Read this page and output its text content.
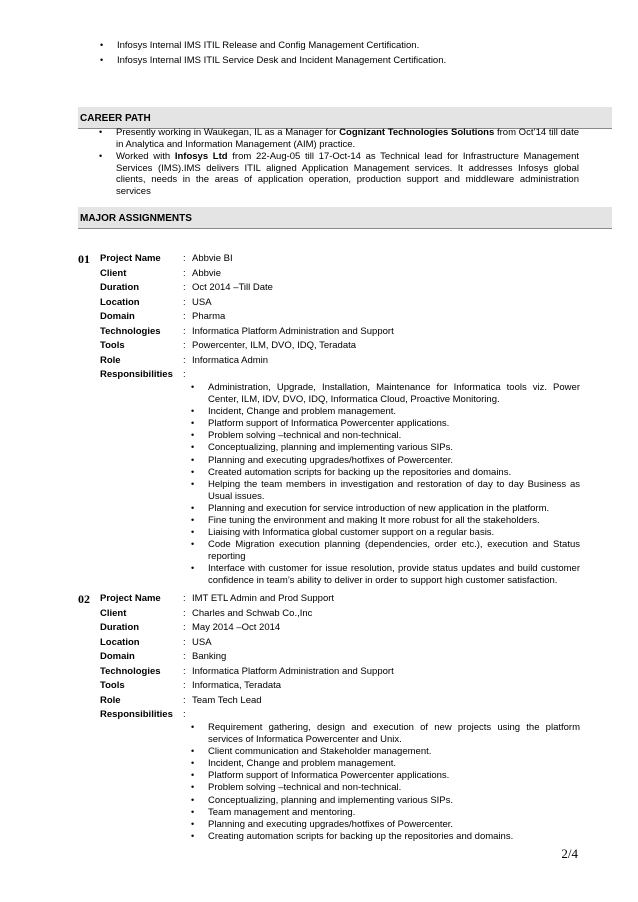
• Infosys Internal IMS ITIL Release and Config Management Certification.
• Infosys Internal IMS ITIL Service Desk and Incident Management Certification.
CAREER PATH
• Presently working in Waukegan, IL as a Manager for Cognizant Technologies Solutions from Oct’14 till date in Analytica and Information Management (AIM) practice.
• Worked with Infosys Ltd from 22-Aug-05 till 17-Oct-14 as Technical lead for Infrastructure Management Services (IMS).IMS delivers ITIL aligned Application Management services. It addresses Infosys global clients, needs in the areas of application operation, production support and middleware administration services
MAJOR ASSIGNMENTS
01 Project Name : Abbvie BI
Client	: Abbvie
Duration	: Oct 2014 –Till Date
Location	: USA
Domain	: Pharma
Technologies : Informatica Platform Administration and Support
Tools	: Powercenter, ILM, DVO, IDQ, Teradata
Role	: Informatica Admin
Responsibilities :
• Administration, Upgrade, Installation, Maintenance for Informatica tools viz. Power Center, ILM, IDV, DVO, IDQ, Informatica Cloud, Proactive Monitoring.
• Incident, Change and problem management.
• Platform support of Informatica Powercenter applications.
• Problem solving –technical and non-technical.
• Conceptualizing, planning and implementing various SIPs.
• Planning and executing upgrades/hotfixes of Powercenter.
• Created automation scripts for backing up the repositories and domains.
• Helping the team members in investigation and restoration of day to day Business as Usual issues.
• Planning and execution for service introduction of new application in the platform.
• Fine tuning the environment and making It more robust for all the stakeholders.
• Liaising with Informatica global customer support on a regular basis.
• Code Migration execution planning (dependencies, order etc.), execution and Status reporting
• Interface with customer for issue resolution, provide status updates and build customer confidence in team’s ability to deliver in order to support high customer satisfaction.
02 Project Name : IMT ETL Admin and Prod Support
Client	: Charles and Schwab Co.,Inc
Duration	: May 2014 –Oct 2014
Location	: USA
Domain	: Banking
Technologies : Informatica Platform Administration and Support
Tools	: Informatica, Teradata
Role	: Team Tech Lead
Responsibilities :
• Requirement gathering, design and execution of new projects using the platform services of Informatica Powercenter and Unix.
• Client communication and Stakeholder management.
• Incident, Change and problem management.
• Platform support of Informatica Powercenter applications.
• Problem solving –technical and non-technical.
• Conceptualizing, planning and implementing various SIPs.
• Team management and mentoring.
• Planning and executing upgrades/hotfixes of Powercenter.
• Creating automation scripts for backing up the repositories and domains.
2/4
